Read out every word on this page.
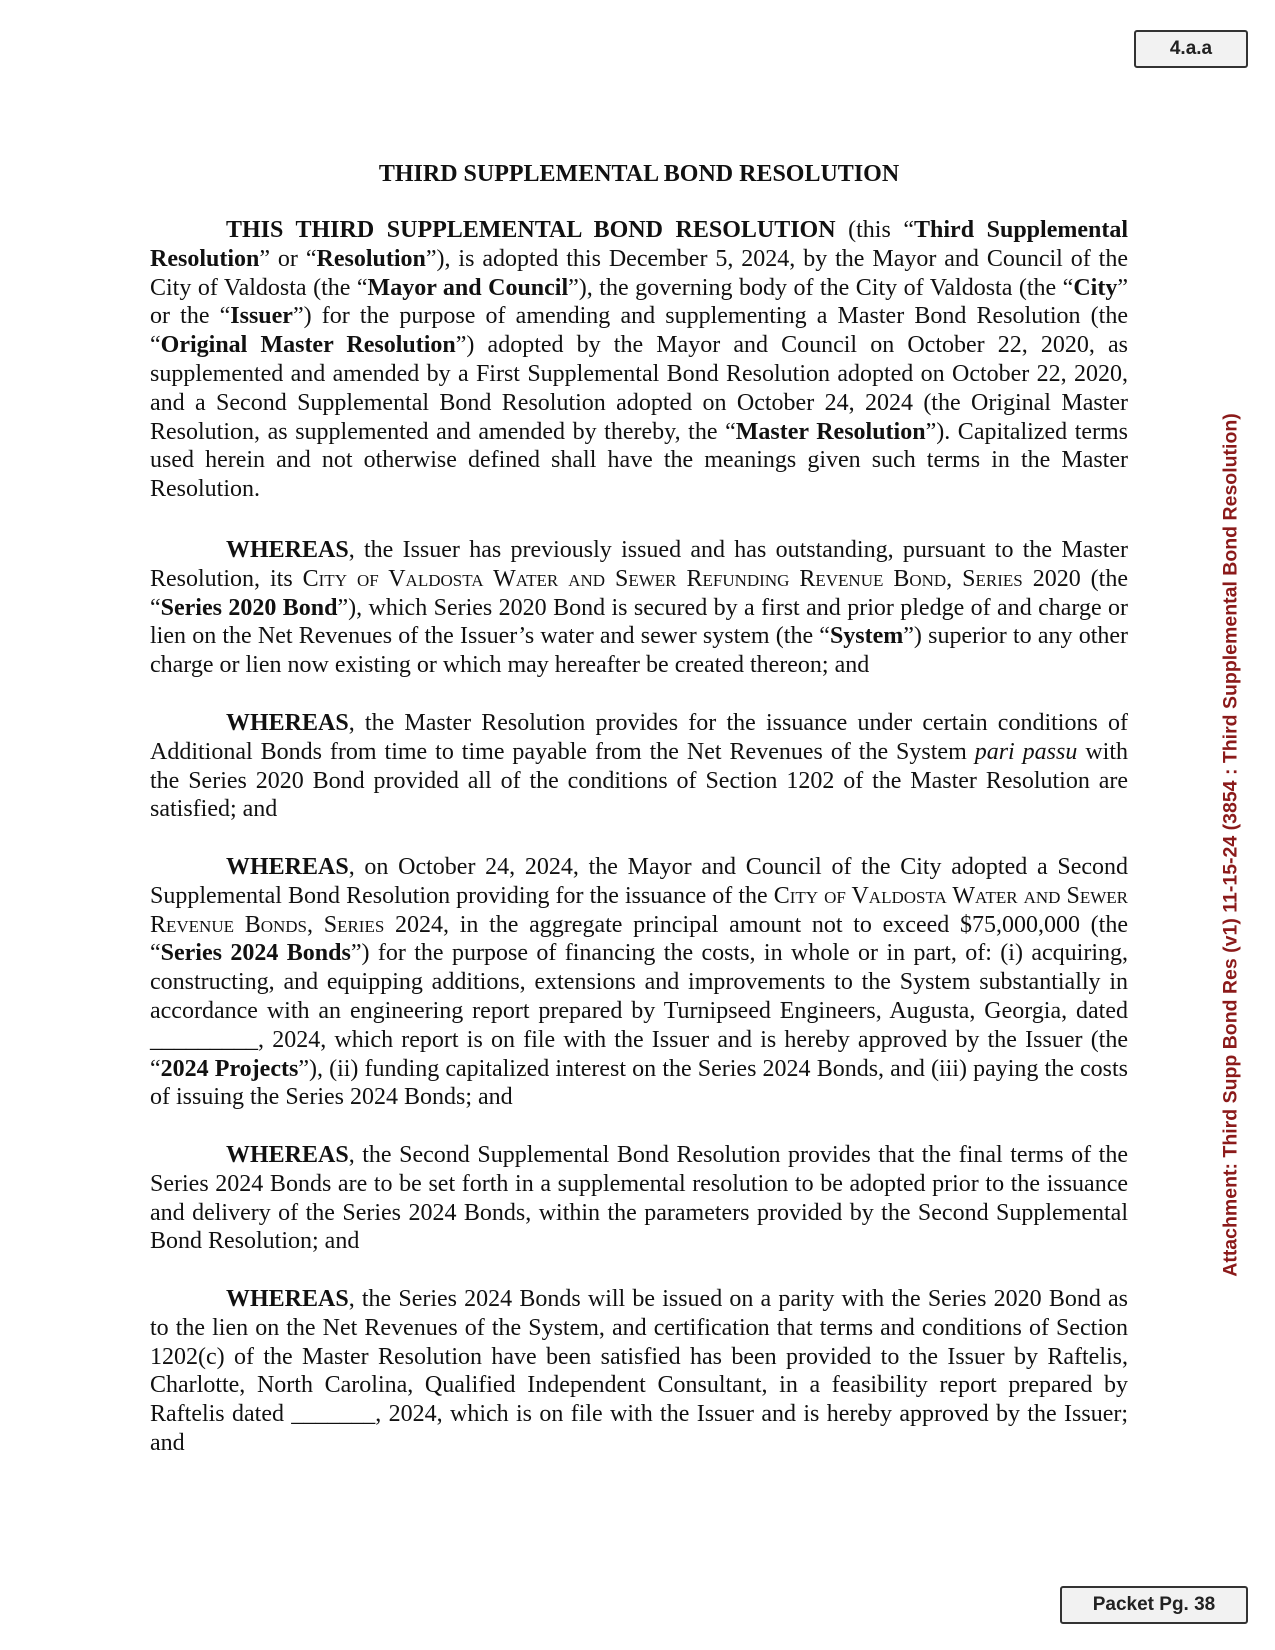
4.a.a
Attachment: Third Supp Bond Res (v1) 11-15-24 (3854 : Third Supplemental Bond Resolution)
THIRD SUPPLEMENTAL BOND RESOLUTION

THIS THIRD SUPPLEMENTAL BOND RESOLUTION (this “Third Supplemental Resolution” or “Resolution”), is adopted this December 5, 2024, by the Mayor and Council of the City of Valdosta (the “Mayor and Council”), the governing body of the City of Valdosta (the “City” or the “Issuer”) for the purpose of amending and supplementing a Master Bond Resolution (the “Original Master Resolution”) adopted by the Mayor and Council on October 22, 2020, as supplemented and amended by a First Supplemental Bond Resolution adopted on October 22, 2020, and a Second Supplemental Bond Resolution adopted on October 24, 2024 (the Original Master Resolution, as supplemented and amended by thereby, the “Master Resolution”). Capitalized terms used herein and not otherwise defined shall have the meanings given such terms in the Master Resolution.

WHEREAS, the Issuer has previously issued and has outstanding, pursuant to the Master Resolution, its City of Valdosta Water and Sewer Refunding Revenue Bond, Series 2020 (the “Series 2020 Bond”), which Series 2020 Bond is secured by a first and prior pledge of and charge or lien on the Net Revenues of the Issuer’s water and sewer system (the “System”) superior to any other charge or lien now existing or which may hereafter be created thereon; and

WHEREAS, the Master Resolution provides for the issuance under certain conditions of Additional Bonds from time to time payable from the Net Revenues of the System pari passu with the Series 2020 Bond provided all of the conditions of Section 1202 of the Master Resolution are satisfied; and

WHEREAS, on October 24, 2024, the Mayor and Council of the City adopted a Second Supplemental Bond Resolution providing for the issuance of the City of Valdosta Water and Sewer Revenue Bonds, Series 2024, in the aggregate principal amount not to exceed $75,000,000 (the “Series 2024 Bonds”) for the purpose of financing the costs, in whole or in part, of: (i) acquiring, constructing, and equipping additions, extensions and improvements to the System substantially in accordance with an engineering report prepared by Turnipseed Engineers, Augusta, Georgia, dated _________, 2024, which report is on file with the Issuer and is hereby approved by the Issuer (the “2024 Projects”), (ii) funding capitalized interest on the Series 2024 Bonds, and (iii) paying the costs of issuing the Series 2024 Bonds; and

WHEREAS, the Second Supplemental Bond Resolution provides that the final terms of the Series 2024 Bonds are to be set forth in a supplemental resolution to be adopted prior to the issuance and delivery of the Series 2024 Bonds, within the parameters provided by the Second Supplemental Bond Resolution; and

WHEREAS, the Series 2024 Bonds will be issued on a parity with the Series 2020 Bond as to the lien on the Net Revenues of the System, and certification that terms and conditions of Section 1202(c) of the Master Resolution have been satisfied has been provided to the Issuer by Raftelis, Charlotte, North Carolina, Qualified Independent Consultant, in a feasibility report prepared by Raftelis dated _______, 2024, which is on file with the Issuer and is hereby approved by the Issuer; and

Packet Pg. 38
